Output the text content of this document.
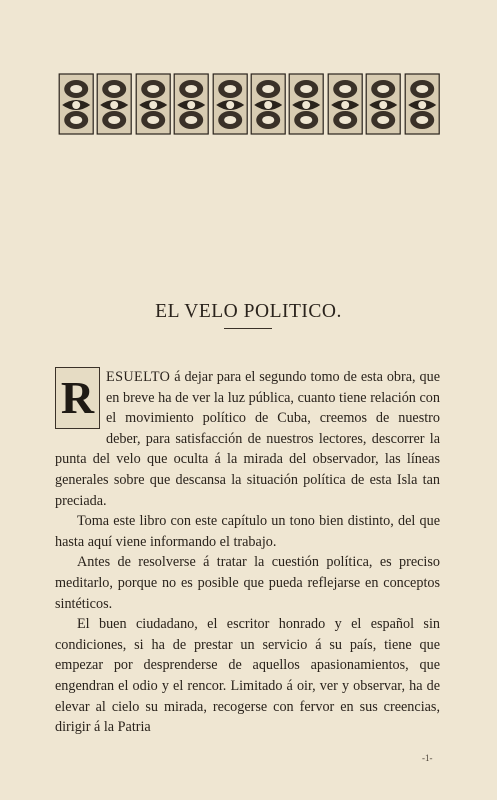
EL VELO POLITICO.

R ESUELTO á dejar para el segundo tomo de esta obra, que en breve ha de ver la luz pública, cuanto tiene relación con el movimiento político de Cuba, creemos de nuestro deber, para satisfacción de nuestros lectores, descorrer la punta del velo que oculta á la mirada del observador, las líneas generales sobre que descansa la situación política de esta Isla tan preciada.

Toma este libro con este capítulo un tono bien distinto, del que hasta aquí viene informando el trabajo.

Antes de resolverse á tratar la cuestión política, es preciso meditarlo, porque no es posible que pueda reflejarse en conceptos sintéticos.

El buen ciudadano, el escritor honrado y el español sin condiciones, si ha de prestar un servicio á su país, tiene que empezar por desprenderse de aquellos apasionamientos, que engendran el odio y el rencor. Limitado á oir, ver y observar, ha de elevar al cielo su mirada, recogerse con fervor en sus creencias, dirigir á la Patria

-1-
